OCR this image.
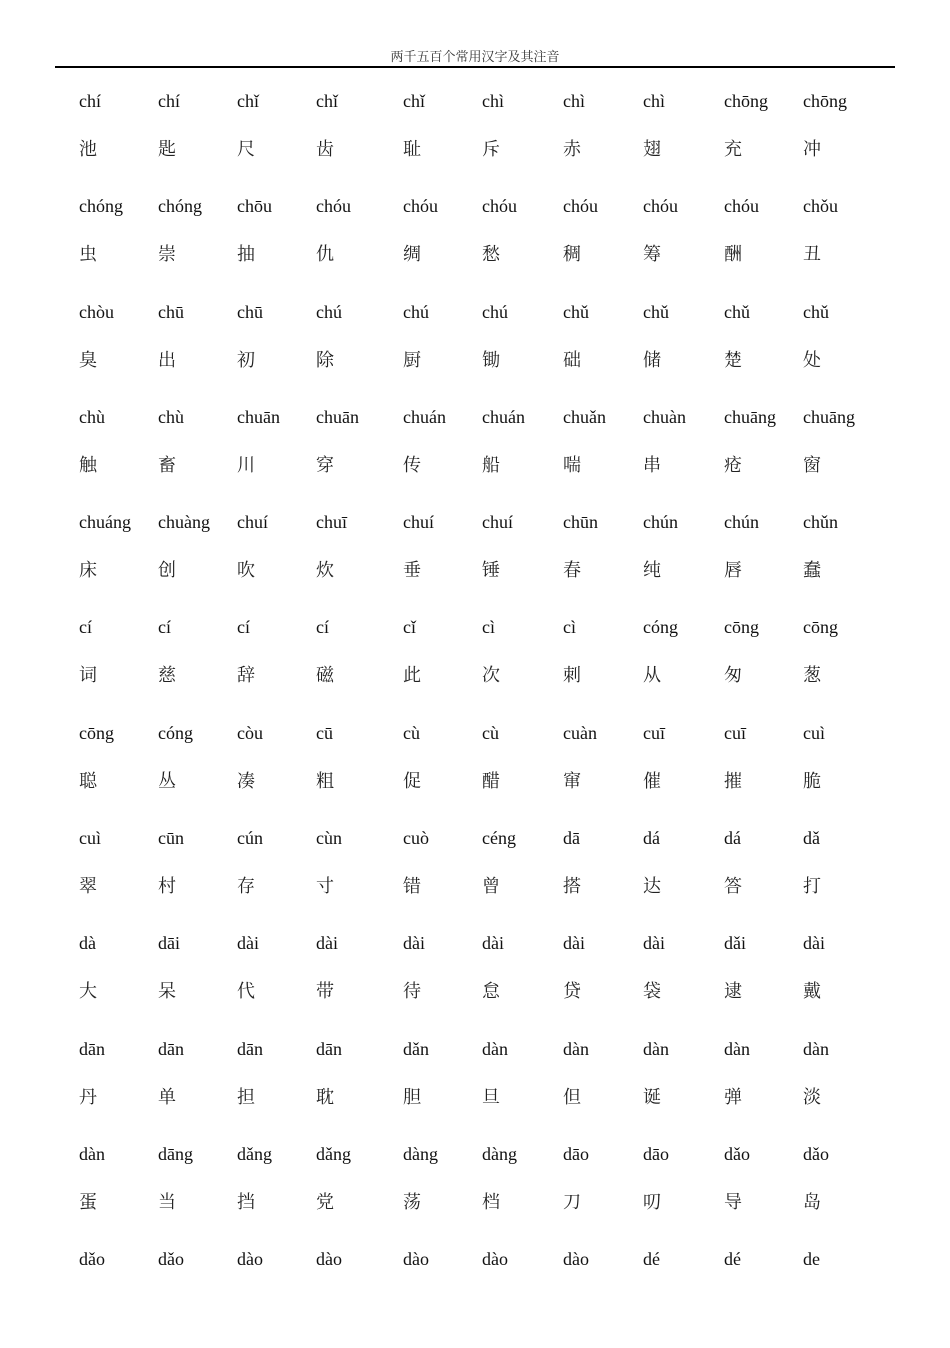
两千五百个常用汉字及其注音
chí	chí	chǐ	chǐ	chǐ	chì	chì	chì	chōng chōng
池	匙	尺	齿	耻	斥	赤	翅	充	冲
chóng chóng chōu chóu	chóu chóu	chóu	chóu	chóu chǒu
虫	崇	抽	仇	绸	愁	稠	筹	酬	丑
chòu chū	chū	chú	chú	chú	chǔ	chǔ	chǔ	chǔ
臭	出	初	除	厨	锄	础	储	楚	处
chù	chù	chuān chuān chuán chuán chuǎn chuàn chuāng chuāng
触	畜	川	穿	传	船	喘	串	疮	窗
chuáng chuàng chuí	chuī	chuí	chuí	chūn	chún	chún chǔn
床	创	吹	炊	垂	锤	春	纯	唇	蠢
cí	cí	cí	cí	cǐ	cì	cì	cóng	cōng cōng
词	慈	辞	磁	此	次	刺	从	匆	葱
cōng cóng còu	cū	cù	cù	cuàn	cuī	cuī	cuì
聪	丛	凑	粗	促	醋	窜	催	摧	脆
cuì	cūn	cún	cùn	cuò	céng	dā	dá	dá	dǎ
翠	村	存	寸	错	曾	搭	达	答	打
dà	dāi	dài	dài	dài	dài	dài	dài	dǎi	dài
大	呆	代	带	待	怠	贷	袋	逮	戴
dān	dān	dān	dān	dǎn	dàn	dàn	dàn	dàn	dàn
丹	单	担	耽	胆	旦	但	诞	弹	淡
dàn	dāng dǎng dǎng	dàng dàng	dāo	dāo	dǎo	dǎo
蛋	当	挡	党	荡	档	刀	叨	导	岛
dǎo	dǎo	dào	dào	dào	dào	dào	dé	dé	de
